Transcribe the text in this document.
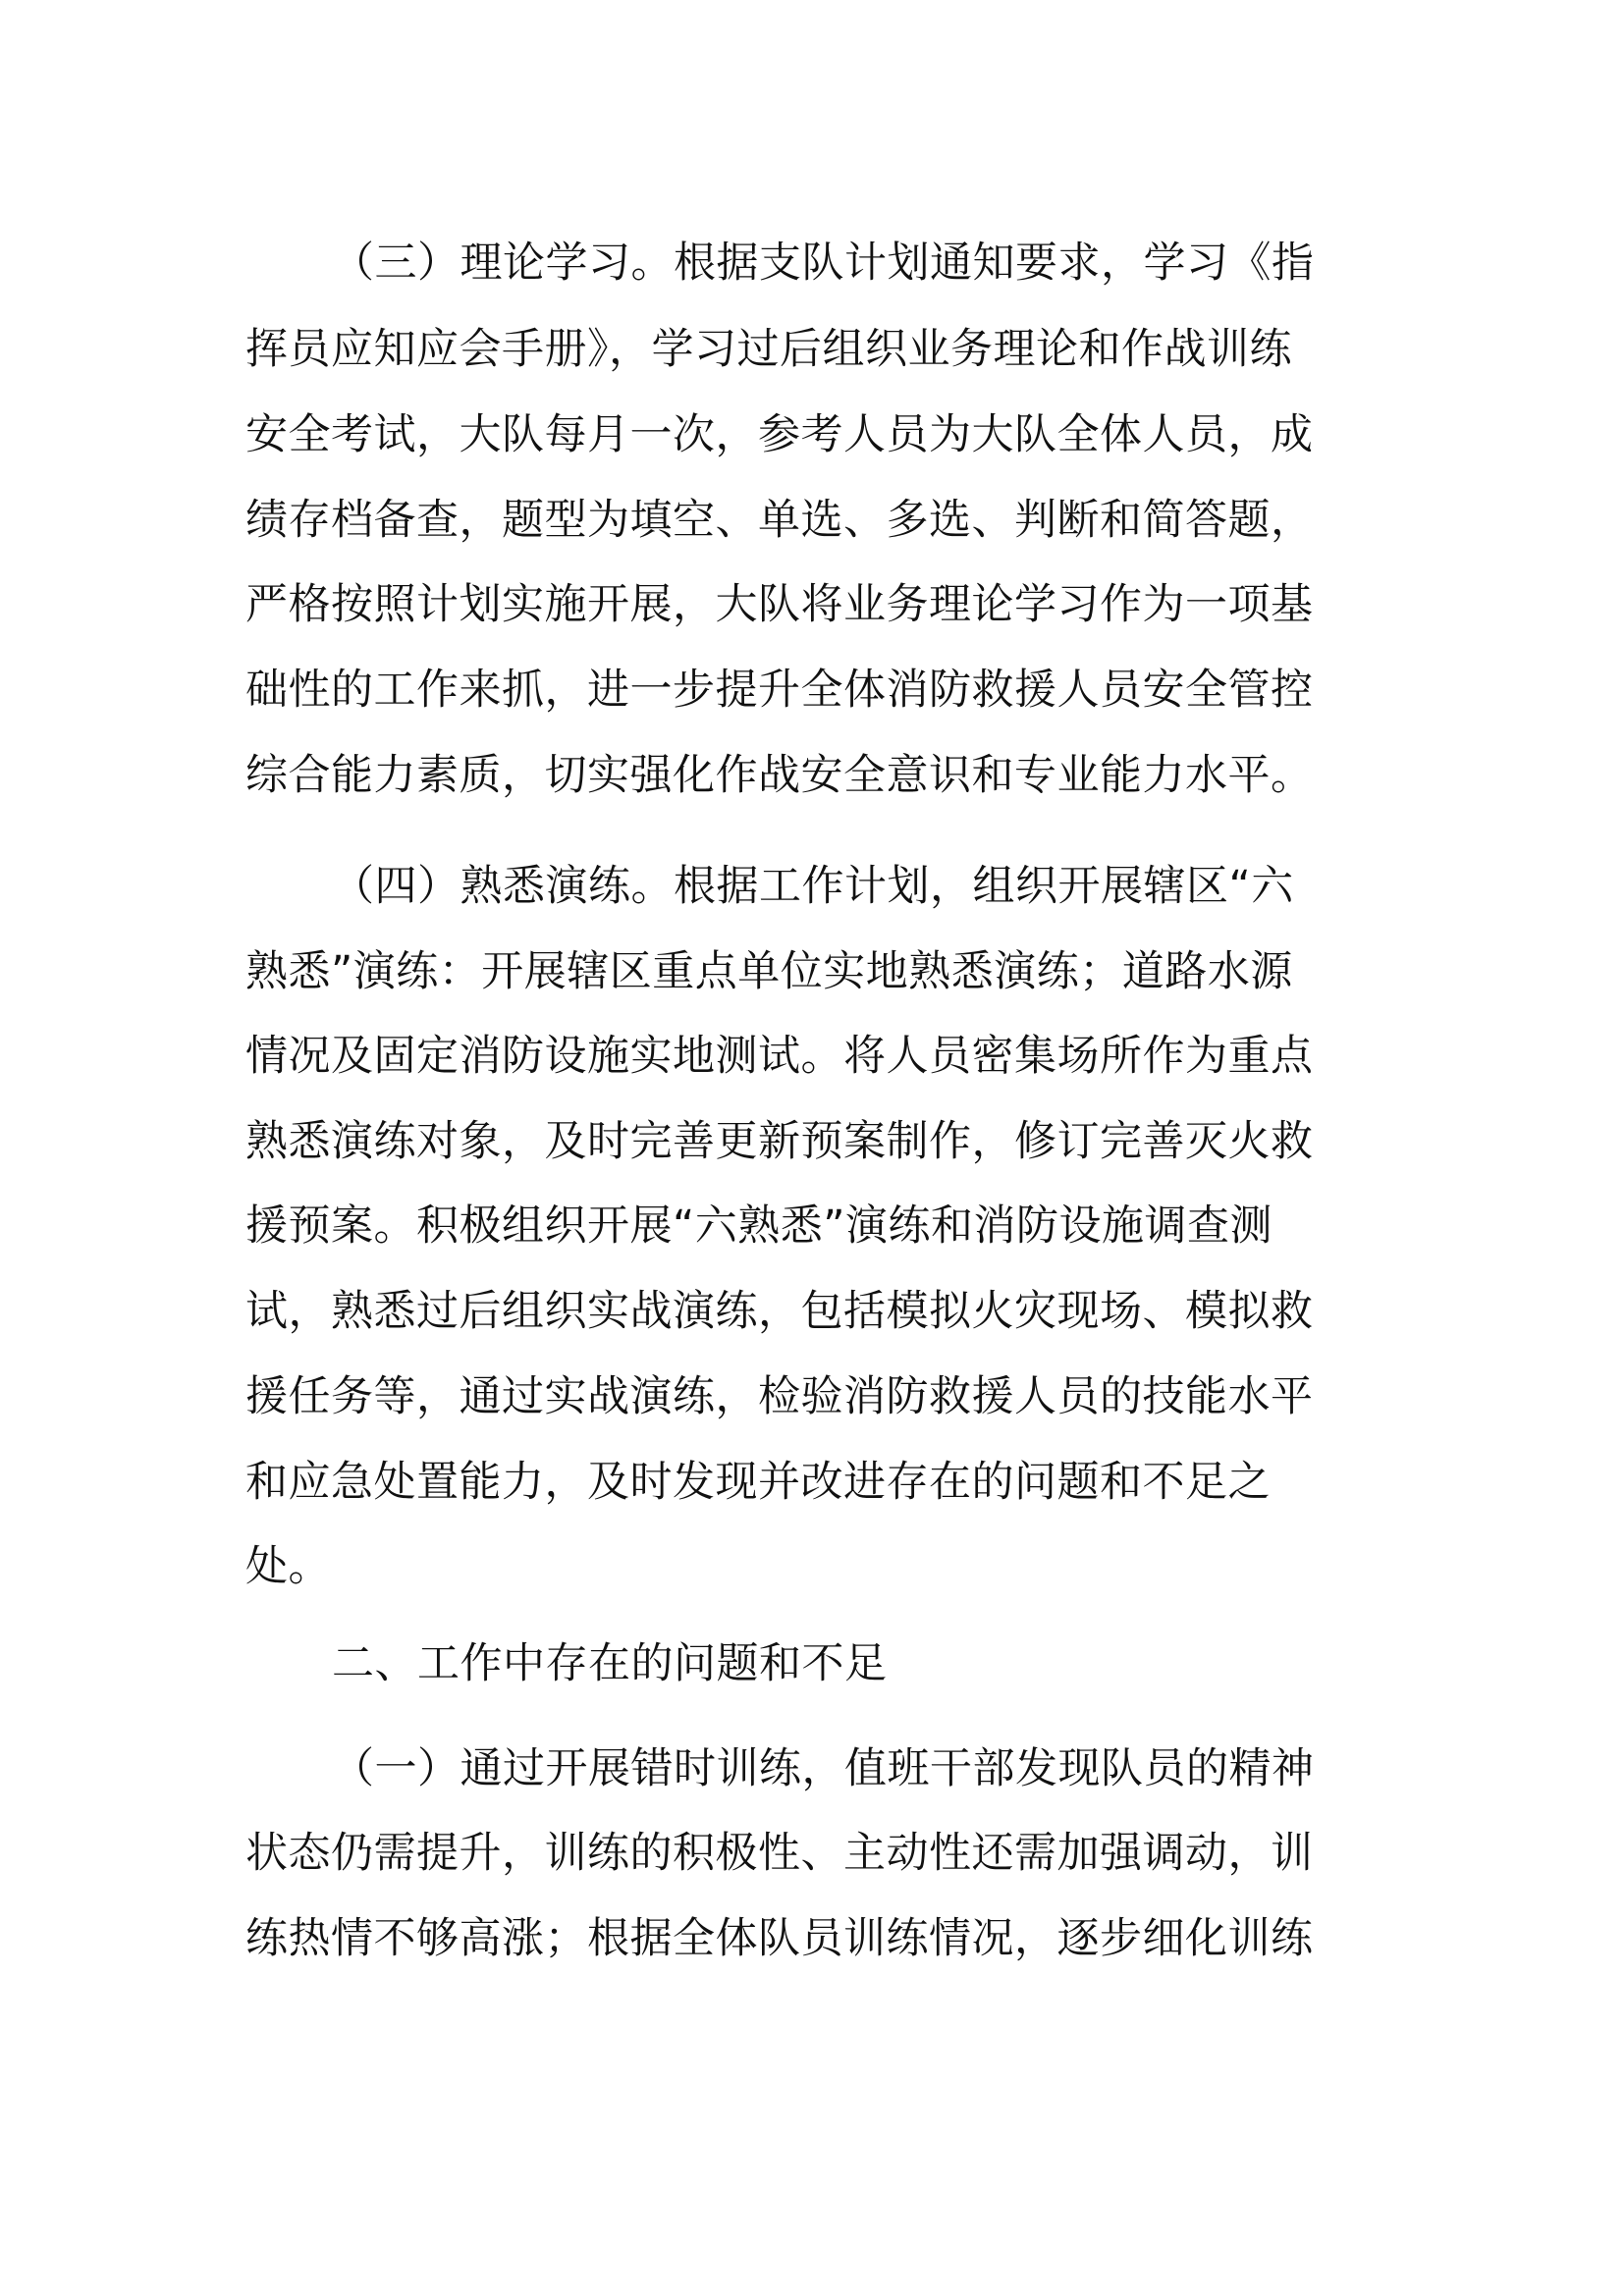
（三）理论学习。根据支队计划通知要求，学习《指
挥员应知应会手册》，学习过后组织业务理论和作战训练
安全考试，大队每月一次，参考人员为大队全体人员，成
绩存档备查，题型为填空、单选、多选、判断和简答题，
严格按照计划实施开展，大队将业务理论学习作为一项基
础性的工作来抓，进一步提升全体消防救援人员安全管控
综合能力素质，切实强化作战安全意识和专业能力水平。
（四）熟悉演练。根据工作计划，组织开展辖区“六
熟悉”演练：开展辖区重点单位实地熟悉演练；道路水源
情况及固定消防设施实地测试。将人员密集场所作为重点
熟悉演练对象，及时完善更新预案制作，修订完善灭火救
援预案。积极组织开展“六熟悉”演练和消防设施调查测
试，熟悉过后组织实战演练，包括模拟火灾现场、模拟救
援任务等，通过实战演练，检验消防救援人员的技能水平
和应急处置能力，及时发现并改进存在的问题和不足之
处。
二、工作中存在的问题和不足
（一）通过开展错时训练，值班干部发现队员的精神
状态仍需提升，训练的积极性、主动性还需加强调动，训
练热情不够高涨；根据全体队员训练情况，逐步细化训练
